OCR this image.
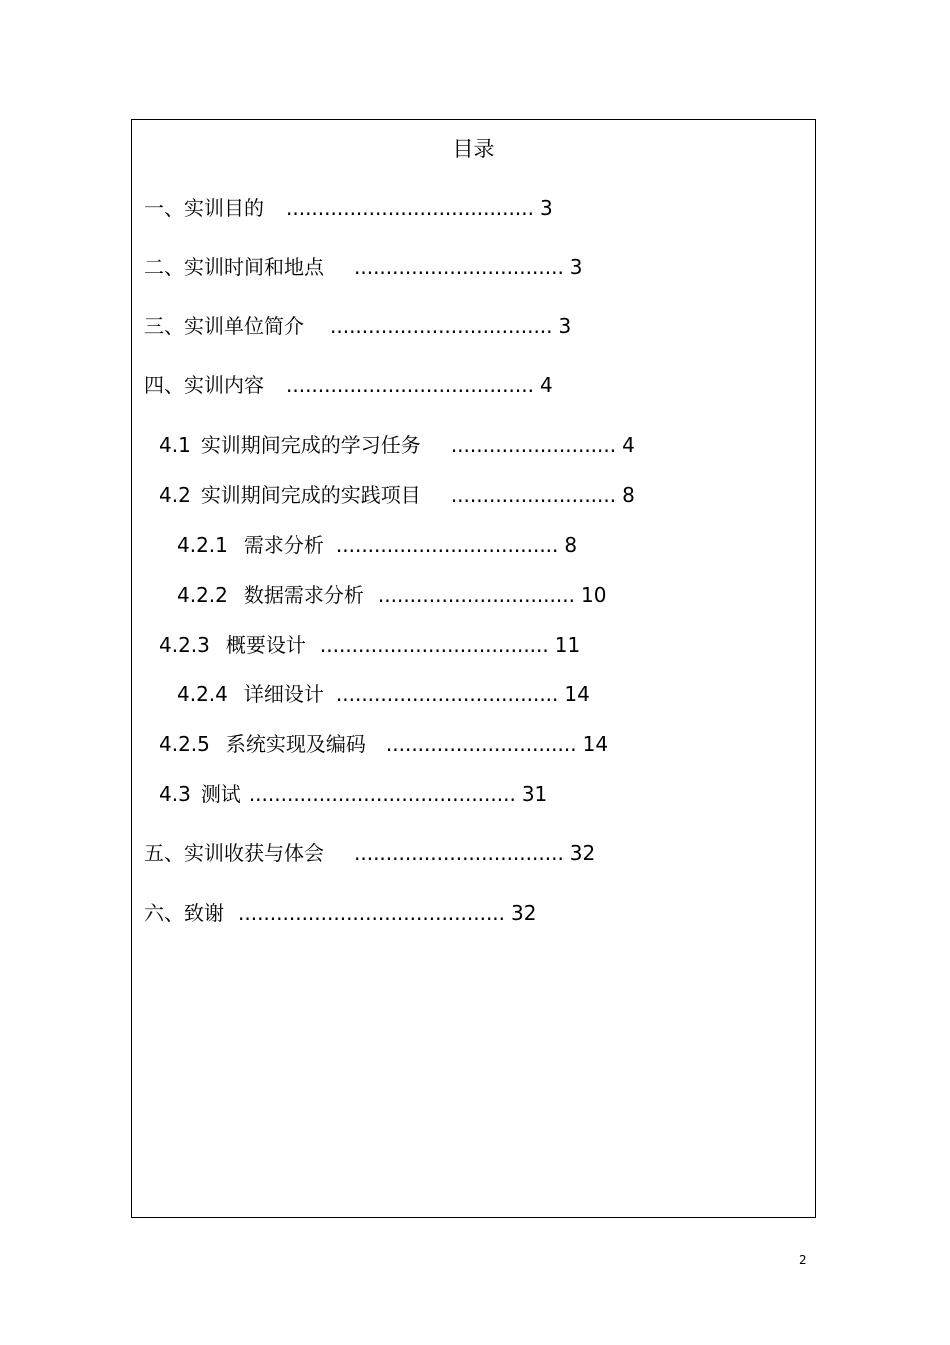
目录
一、实训目的 ....................................... 3
二、实训时间和地点 ................................. 3
三、实训单位简介 ................................... 3
四、实训内容 ....................................... 4
4.1 实训期间完成的学习任务 .......................... 4
4.2 实训期间完成的实践项目 .......................... 8
4.2.1 需求分析 ................................... 8
4.2.2 数据需求分析 ............................... 10
4.2.3 概要设计 .................................... 11
4.2.4 详细设计 ................................... 14
4.2.5 系统实现及编码 .............................. 14
4.3 测试 .......................................... 31
五、实训收获与体会 ................................. 32
六、致谢 .......................................... 32
2
